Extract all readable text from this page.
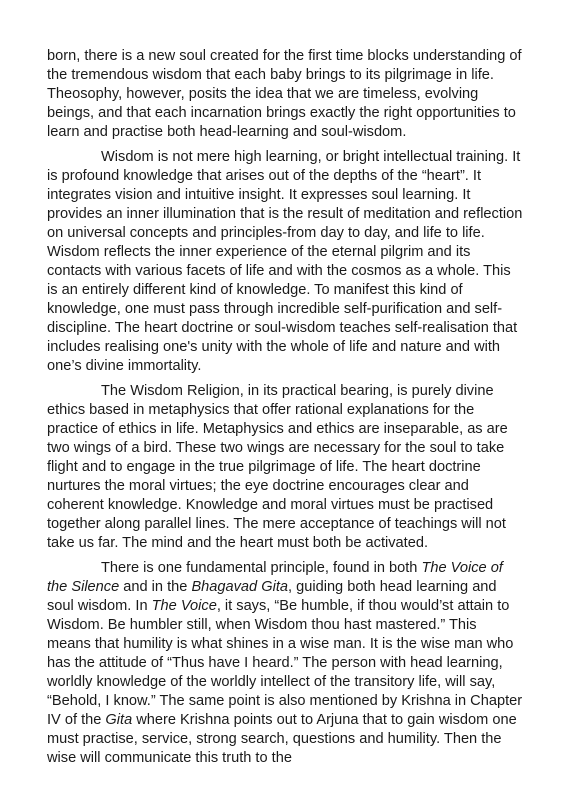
born, there is a new soul created for the first time blocks understanding of the tremendous wisdom that each baby brings to its pilgrimage in life. Theosophy, however, posits the idea that we are timeless, evolving beings, and that each incarnation brings exactly the right opportunities to learn and practise both head-learning and soul-wisdom.

Wisdom is not mere high learning, or bright intellectual training. It is profound knowledge that arises out of the depths of the “heart”. It integrates vision and intuitive insight. It expresses soul learning. It provides an inner illumination that is the result of meditation and reflection on universal concepts and principles-from day to day, and life to life. Wisdom reflects the inner experience of the eternal pilgrim and its contacts with various facets of life and with the cosmos as a whole. This is an entirely different kind of knowledge. To manifest this kind of knowledge, one must pass through incredible self-purification and self-discipline. The heart doctrine or soul-wisdom teaches self-realisation that includes realising one's unity with the whole of life and nature and with one’s divine immortality.

The Wisdom Religion, in its practical bearing, is purely divine ethics based in metaphysics that offer rational explanations for the practice of ethics in life. Metaphysics and ethics are inseparable, as are two wings of a bird. These two wings are necessary for the soul to take flight and to engage in the true pilgrimage of life. The heart doctrine nurtures the moral virtues; the eye doctrine encourages clear and coherent knowledge. Knowledge and moral virtues must be practised together along parallel lines. The mere acceptance of teachings will not take us far. The mind and the heart must both be activated.

There is one fundamental principle, found in both The Voice of the Silence and in the Bhagavad Gita, guiding both head learning and soul wisdom. In The Voice, it says, “Be humble, if thou would’st attain to Wisdom. Be humbler still, when Wisdom thou hast mastered.” This means that humility is what shines in a wise man. It is the wise man who has the attitude of “Thus have I heard.” The person with head learning, worldly knowledge of the worldly intellect of the transitory life, will say, “Behold, I know.” The same point is also mentioned by Krishna in Chapter IV of the Gita where Krishna points out to Arjuna that to gain wisdom one must practise, service, strong search, questions and humility. Then the wise will communicate this truth to the
